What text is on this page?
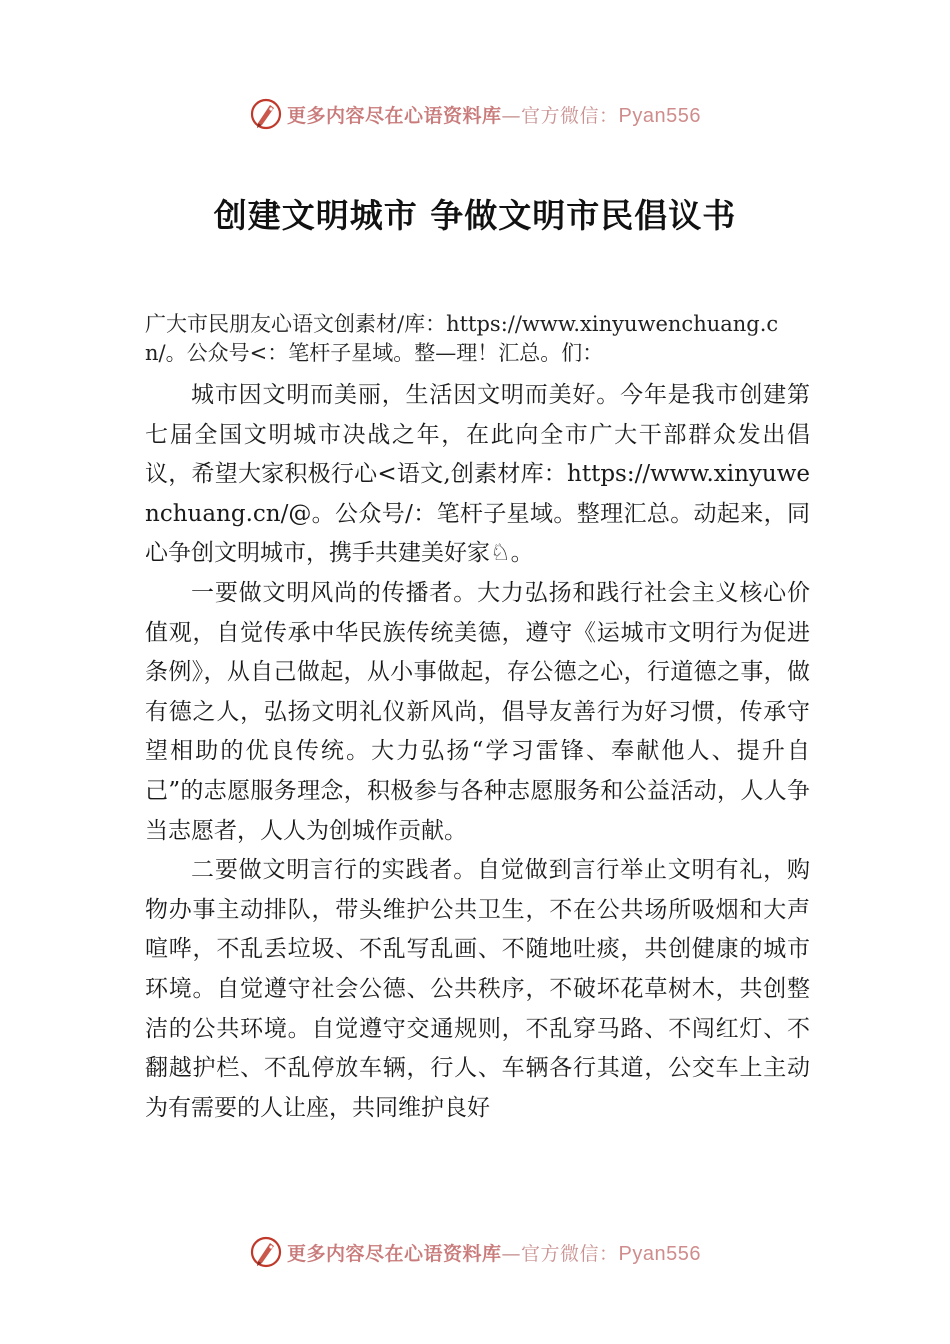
更多内容尽在心语资料库—官方微信：Pyan556
创建文明城市 争做文明市民倡议书

广大市民朋友心语文创素材/库：https://www.xinyuwenchuang.cn/。公众号<：笔杆子星域。整—理！汇总。们：

城市因文明而美丽，生活因文明而美好。今年是我市创建第七届全国文明城市决战之年，在此向全市广大干部群众发出倡议，希望大家积极行心<语文,创素材库：https://www.xinyuwenchuang.cn/@。公众号/：笔杆子星域。整理汇总。动起来，同心争创文明城市，携手共建美好家♘。

一要做文明风尚的传播者。大力弘扬和践行社会主义核心价值观，自觉传承中华民族传统美德，遵守《运城市文明行为促进条例》，从自己做起，从小事做起，存公德之心，行道德之事，做有德之人，弘扬文明礼仪新风尚，倡导友善行为好习惯，传承守望相助的优良传统。大力弘扬“学习雷锋、奉献他人、提升自己”的志愿服务理念，积极参与各种志愿服务和公益活动，人人争当志愿者，人人为创城作贡献。

二要做文明言行的实践者。自觉做到言行举止文明有礼，购物办事主动排队，带头维护公共卫生，不在公共场所吸烟和大声喧哗，不乱丢垃圾、不乱写乱画、不随地吐痰，共创健康的城市环境。自觉遵守社会公德、公共秩序，不破坏花草树木，共创整洁的公共环境。自觉遵守交通规则，不乱穿马路、不闯红灯、不翻越护栏、不乱停放车辆，行人、车辆各行其道，公交车上主动为有需要的人让座，共同维护良好

更多内容尽在心语资料库—官方微信：Pyan556
